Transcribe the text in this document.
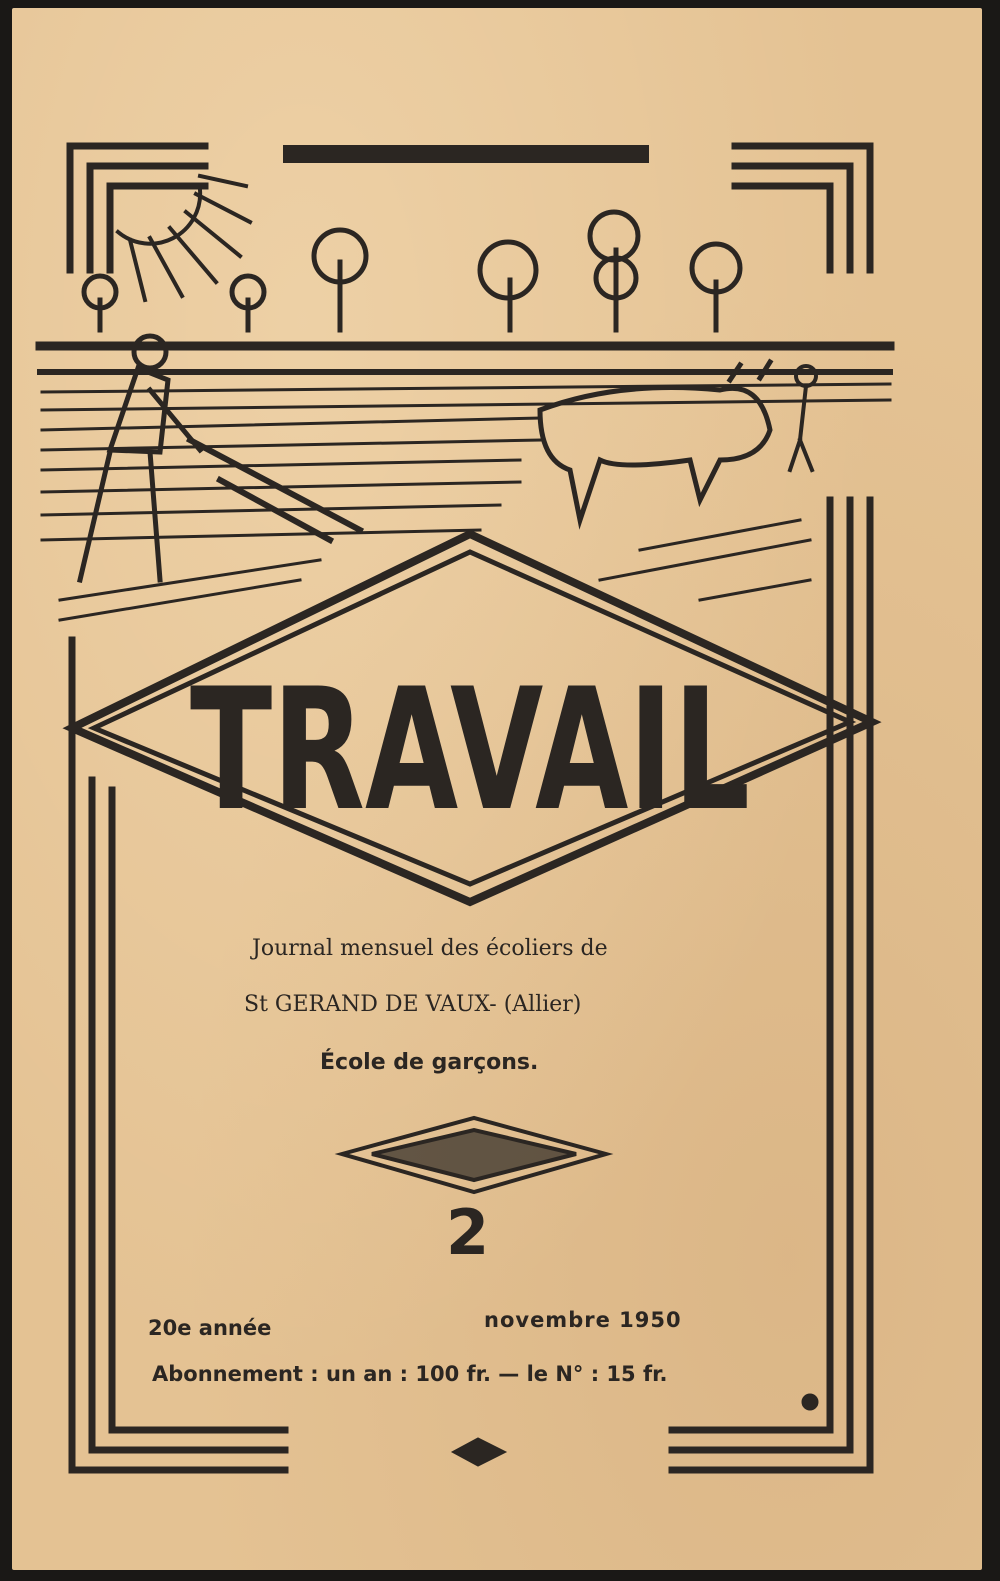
TRAVAIL
Journal mensuel des écoliers de
St GERAND DE VAUX- (Allier)
École de garçons.
2
20e année	novembre 1950
Abonnement : un an : 100 fr. — le N° : 15 fr.
